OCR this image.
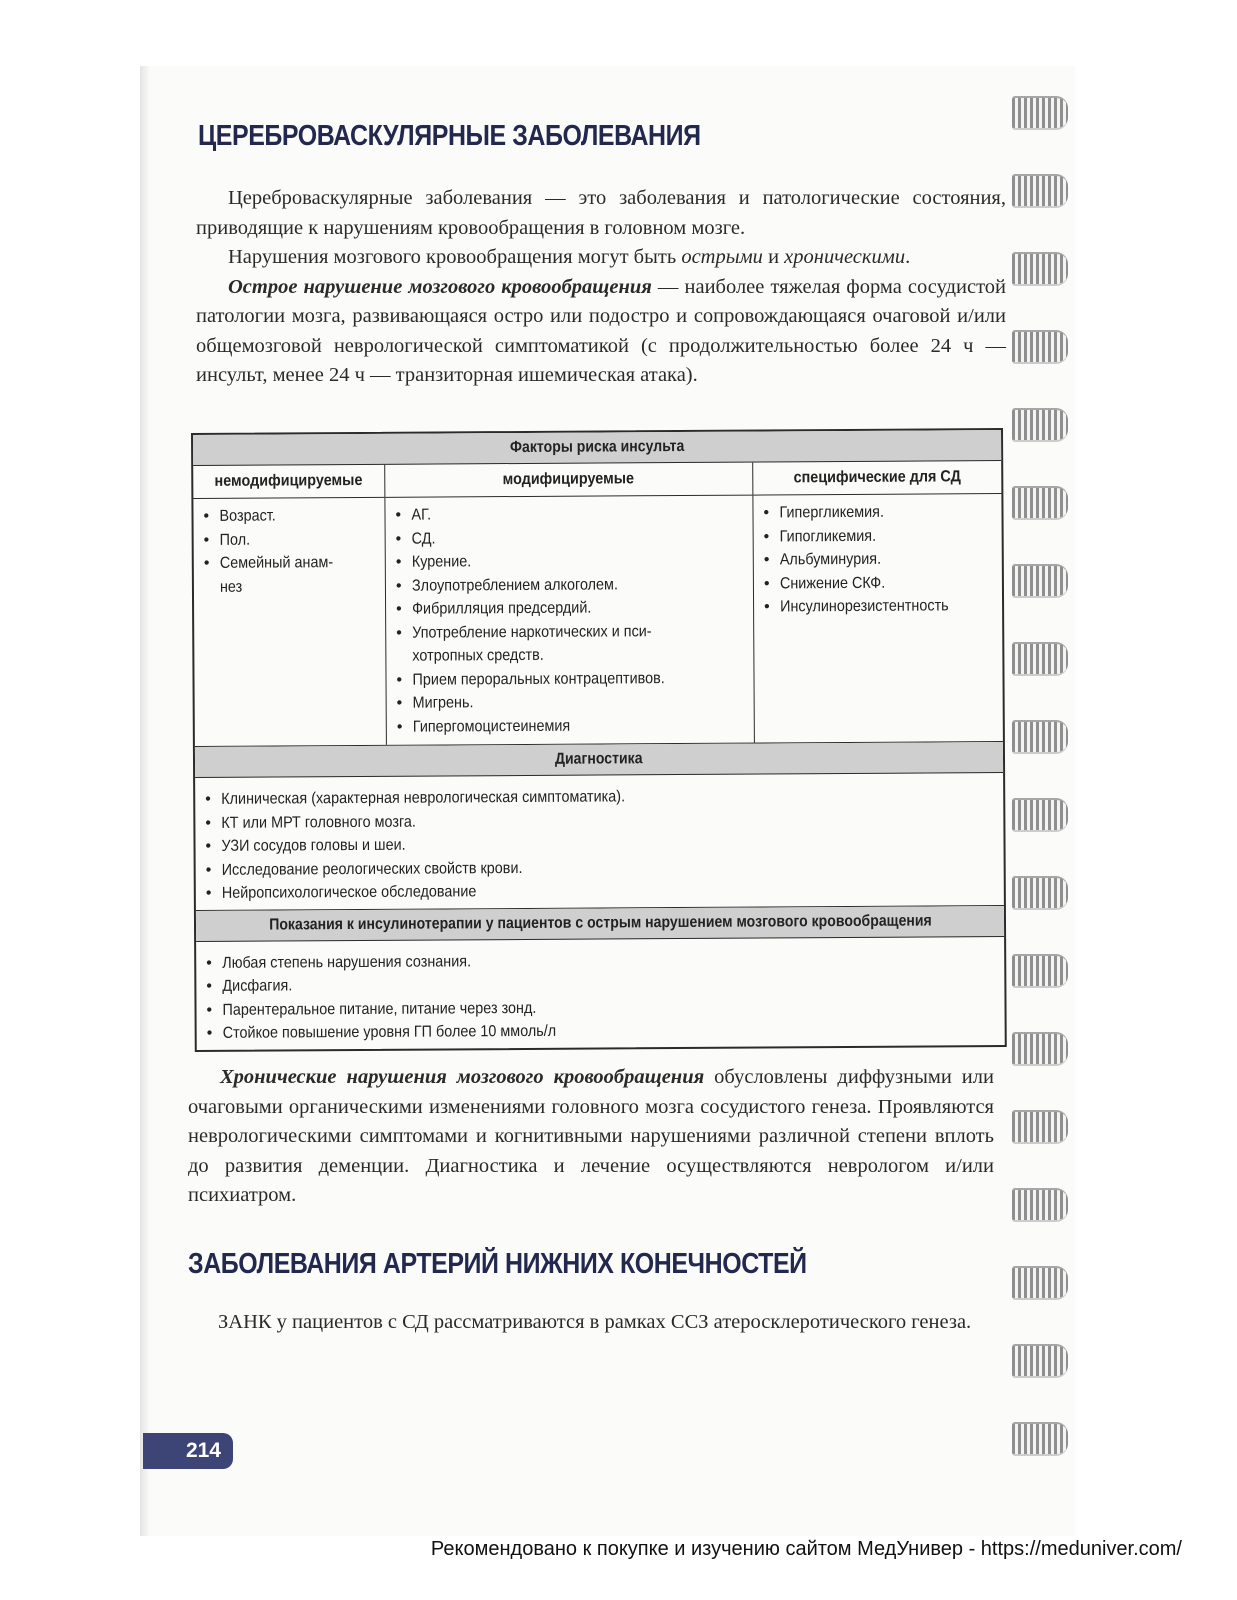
ЦЕРЕБРОВАСКУЛЯРНЫЕ ЗАБОЛЕВАНИЯ

Цереброваскулярные заболевания — это заболевания и патологические состояния, приводящие к нарушениям кровообращения в головном мозге.

Нарушения мозгового кровообращения могут быть острыми и хроническими.

Острое нарушение мозгового кровообращения — наиболее тяжелая форма сосудистой патологии мозга, развивающаяся остро или подостро и сопровождающаяся очаговой и/или общемозговой неврологической симптоматикой (с продолжительностью более 24 ч — инсульт, менее 24 ч — транзиторная ишемическая атака).

Факторы риска инсульта
немодифицируемые
• Возраст.
• Пол.
• Семейный анам-
нез
модифицируемые
• АГ.
• СД.
• Курение.
• Злоупотреблением алкоголем.
• Фибрилляция предсердий.
• Употребление наркотических и пси-
хотропных средств.
• Прием пероральных контрацептивов.
• Мигрень.
• Гипергомоцистеинемия
специфические для СД
• Гипергликемия.
• Гипогликемия.
• Альбуминурия.
• Снижение СКФ.
• Инсулинорезистентность
Диагностика
• Клиническая (характерная неврологическая симптоматика).
• КТ или МРТ головного мозга.
• УЗИ сосудов головы и шеи.
• Исследование реологических свойств крови.
• Нейропсихологическое обследование
Показания к инсулинотерапии у пациентов с острым нарушением мозгового кровообращения
• Любая степень нарушения сознания.
• Дисфагия.
• Парентеральное питание, питание через зонд.
• Стойкое повышение уровня ГП более 10 ммоль/л

Хронические нарушения мозгового кровообращения обусловлены диффузными или очаговыми органическими изменениями головного мозга сосудистого генеза. Проявляются неврологическими симптомами и когнитивными нарушениями различной степени вплоть до развития деменции. Диагностика и лечение осуществляются неврологом и/или психиатром.

ЗАБОЛЕВАНИЯ АРТЕРИЙ НИЖНИХ КОНЕЧНОСТЕЙ

ЗАНК у пациентов с СД рассматриваются в рамках ССЗ атеросклеротического генеза.

214
Рекомендовано к покупке и изучению сайтом МедУнивер - https://meduniver.com/
